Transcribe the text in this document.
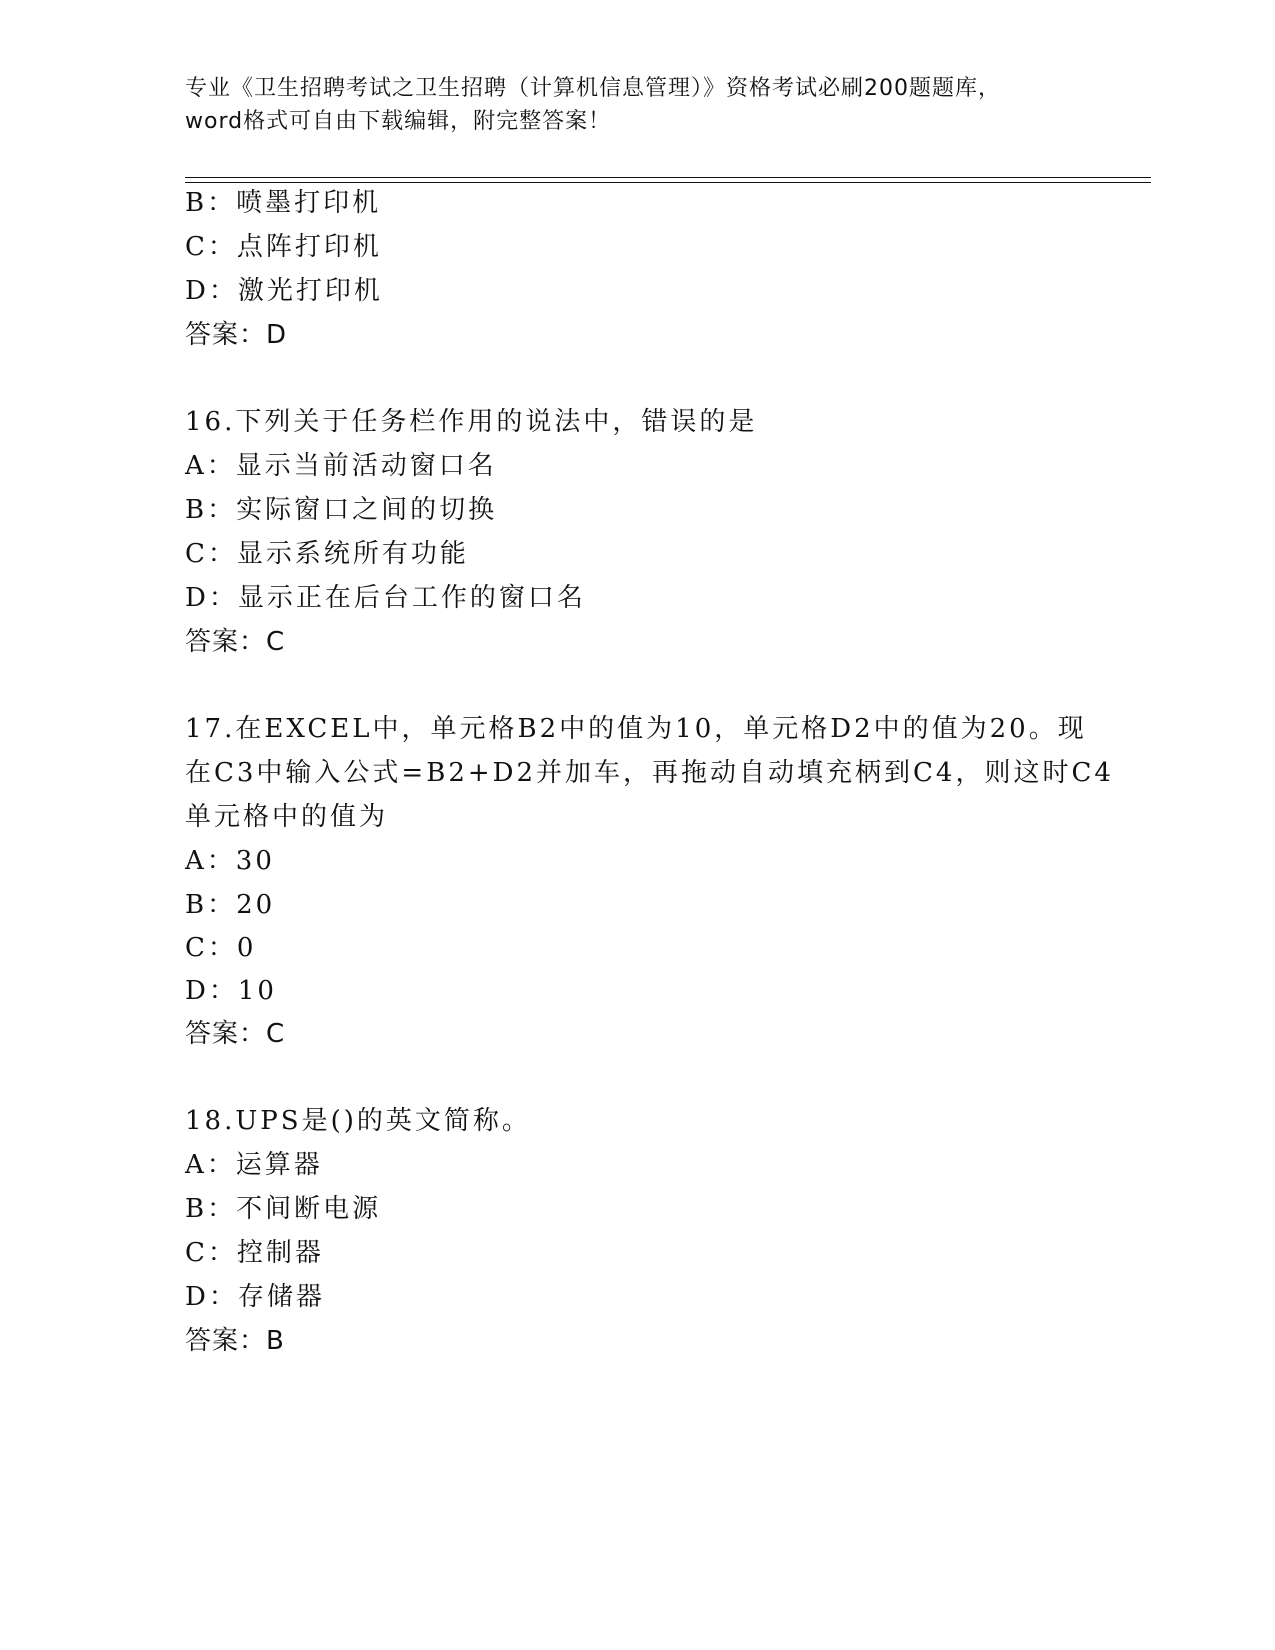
专业《卫生招聘考试之卫生招聘（计算机信息管理）》资格考试必刷200题题库，
word格式可自由下载编辑，附完整答案！
B：喷墨打印机
C：点阵打印机
D：激光打印机
答案：D
16.下列关于任务栏作用的说法中，错误的是
A：显示当前活动窗口名
B：实际窗口之间的切换
C：显示系统所有功能
D：显示正在后台工作的窗口名
答案：C
17.在EXCEL中，单元格B2中的值为10，单元格D2中的值为20。现
在C3中输入公式=B2+D2并加车，再拖动自动填充柄到C4，则这时C4
单元格中的值为
A：30
B：20
C：0
D：10
答案：C
18.UPS是()的英文简称。
A：运算器
B：不间断电源
C：控制器
D：存储器
答案：B
